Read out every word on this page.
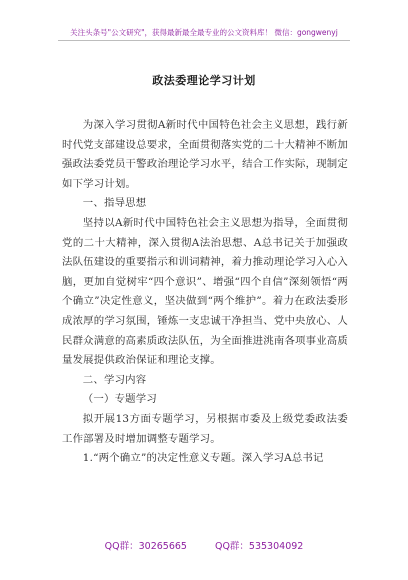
关注头条号"公文研究"，获得最新最全最专业的公文资料库！ 微信：gongwenyj
政法委理论学习计划

为深入学习贯彻A新时代中国特色社会主义思想，践行新时代党支部建设总要求，全面贯彻落实党的二十大精神不断加强政法委党员干警政治理论学习水平，结合工作实际，现制定如下学习计划。

一、指导思想

坚持以A新时代中国特色社会主义思想为指导，全面贯彻党的二十大精神，深入贯彻A法治思想、A总书记关于加强政法队伍建设的重要指示和训词精神，着力推动理论学习入心入脑，更加自觉树牢“四个意识”、增强“四个自信”深刻领悟“两个确立”决定性意义，坚决做到“两个维护”。着力在政法委形成浓厚的学习氛围，锤炼一支忠诚干净担当、党中央放心、人民群众满意的高素质政法队伍，为全面推进洮南各项事业高质量发展提供政治保证和理论支撑。

二、学习内容

（一）专题学习

拟开展13方面专题学习，另根据市委及上级党委政法委工作部署及时增加调整专题学习。

1.“两个确立”的决定性意义专题。深入学习A总书记

QQ群：30265665	QQ群：535304092
